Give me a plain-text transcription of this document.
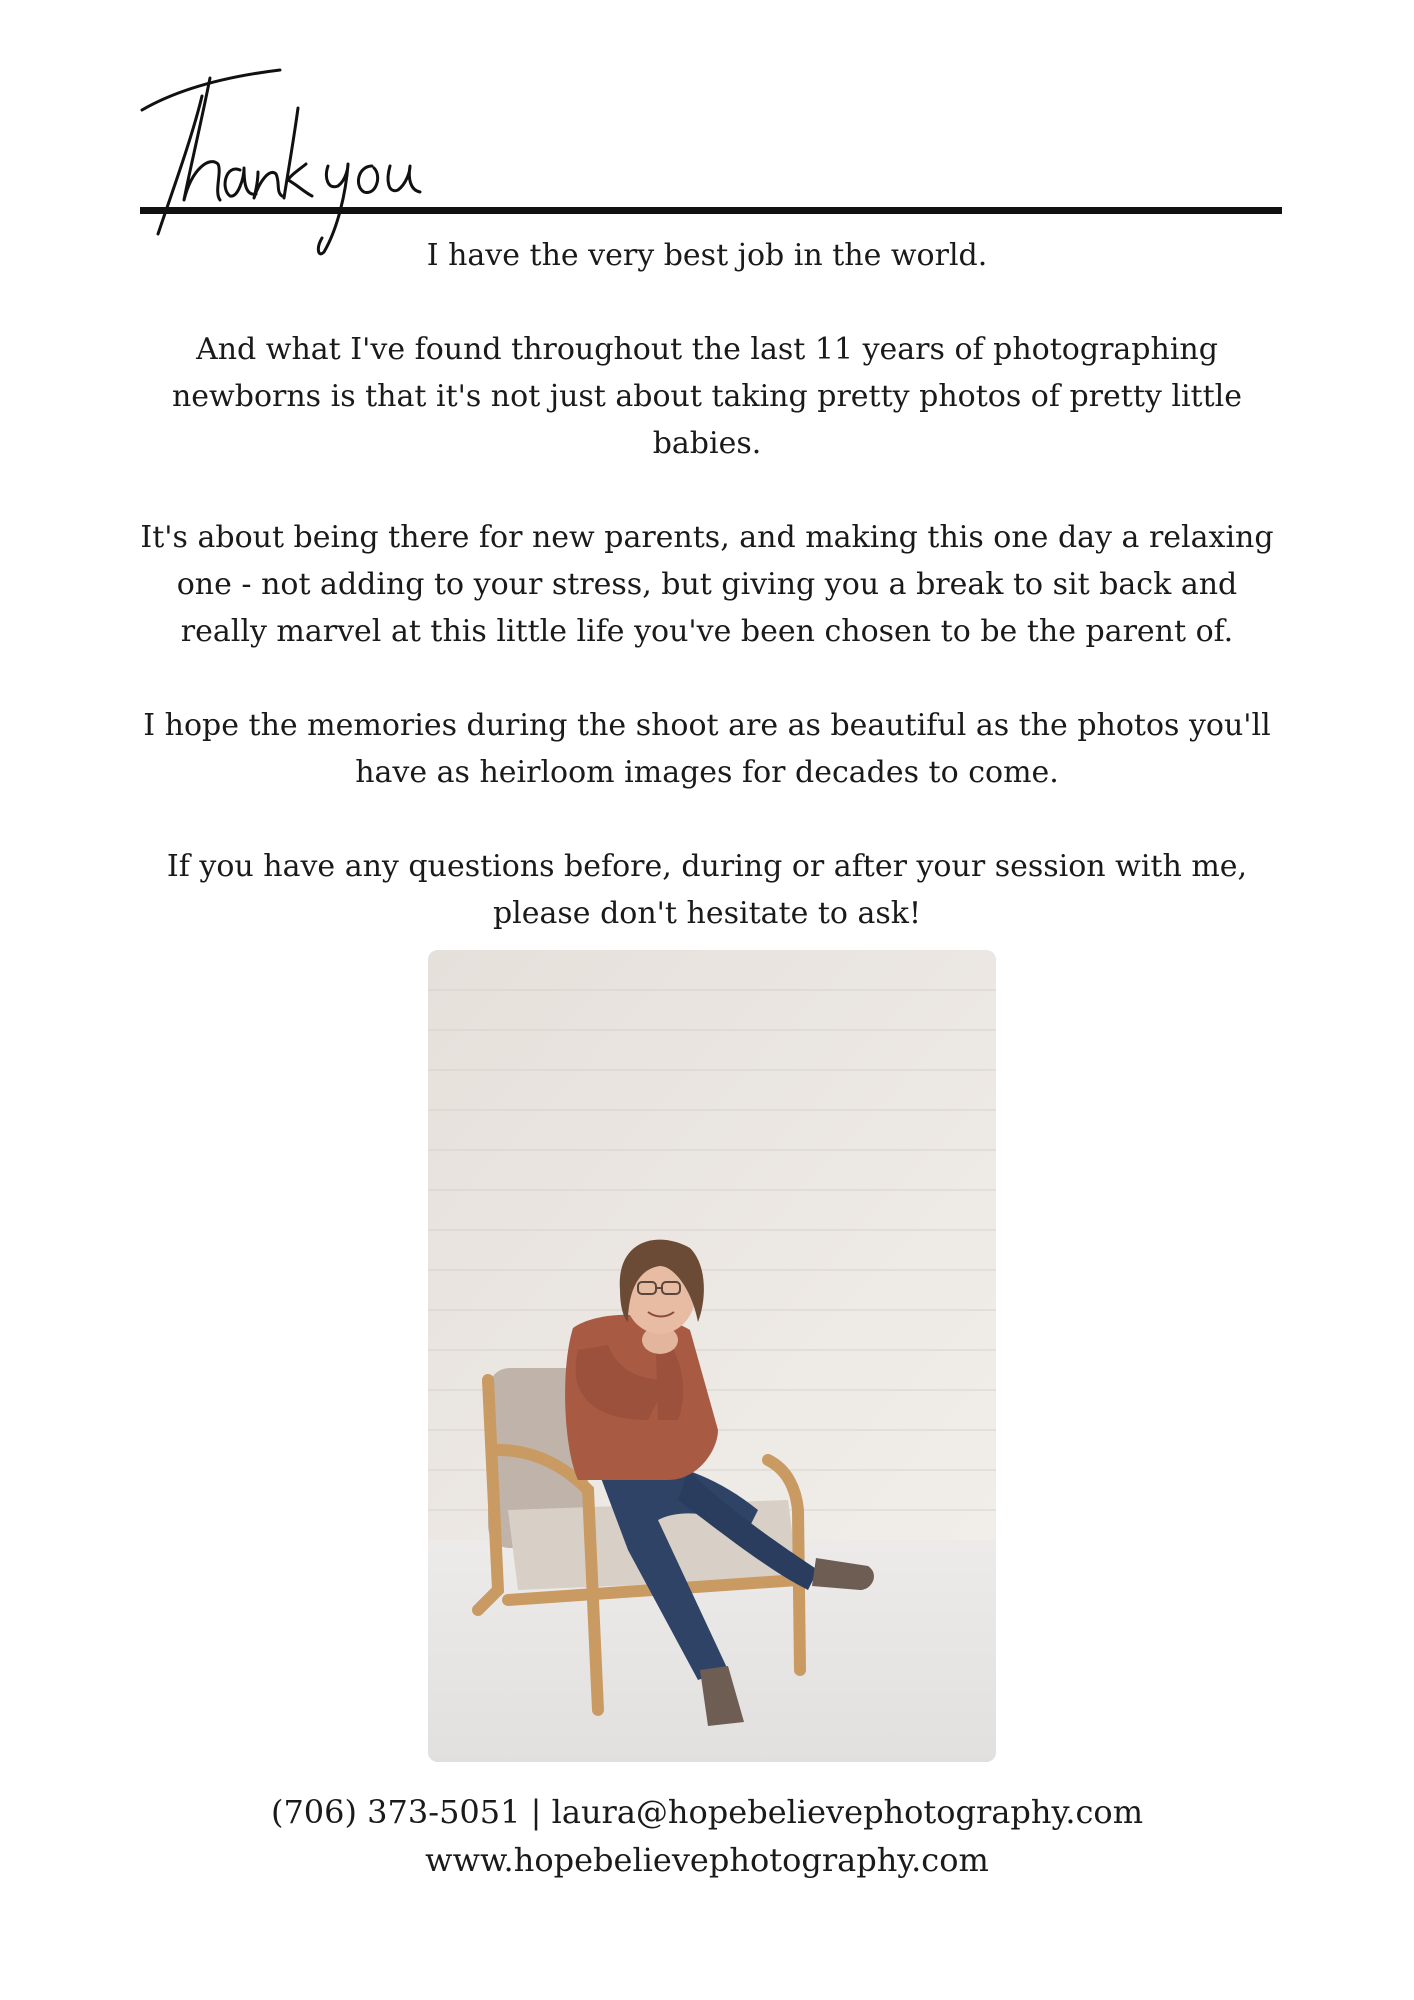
I have the very best job in the world.

And what I've found throughout the last 11 years of photographing newborns is that it's not just about taking pretty photos of pretty little babies.

It's about being there for new parents, and making this one day a relaxing one - not adding to your stress, but giving you a break to sit back and really marvel at this little life you've been chosen to be the parent of.

I hope the memories during the shoot are as beautiful as the photos you'll have as heirloom images for decades to come.

If you have any questions before, during or after your session with me, please don't hesitate to ask!

(706) 373-5051 | laura@hopebelievephotography.com
www.hopebelievephotography.com
